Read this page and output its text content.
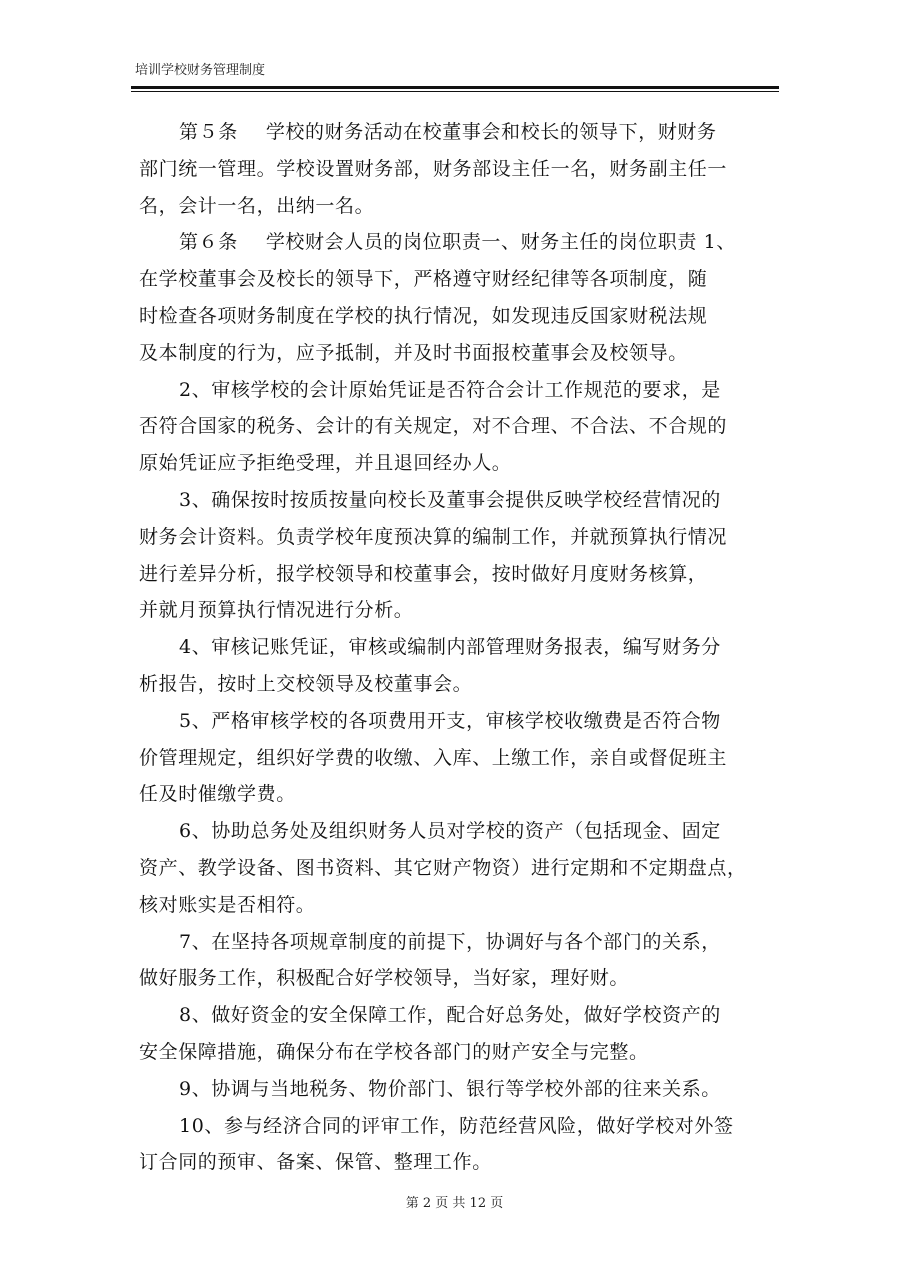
培训学校财务管理制度
第５条 学校的财务活动在校董事会和校长的领导下，财财务
部门统一管理。学校设置财务部，财务部设主任一名，财务副主任一
名，会计一名，出纳一名。
第６条 学校财会人员的岗位职责一、财务主任的岗位职责 1、
在学校董事会及校长的领导下，严格遵守财经纪律等各项制度，随
时检查各项财务制度在学校的执行情况，如发现违反国家财税法规
及本制度的行为，应予抵制，并及时书面报校董事会及校领导。
2、审核学校的会计原始凭证是否符合会计工作规范的要求，是
否符合国家的税务、会计的有关规定，对不合理、不合法、不合规的
原始凭证应予拒绝受理，并且退回经办人。
3、确保按时按质按量向校长及董事会提供反映学校经营情况的
财务会计资料。负责学校年度预决算的编制工作，并就预算执行情况
进行差异分析，报学校领导和校董事会，按时做好月度财务核算，
并就月预算执行情况进行分析。
4、审核记账凭证，审核或编制内部管理财务报表，编写财务分
析报告，按时上交校领导及校董事会。
5、严格审核学校的各项费用开支，审核学校收缴费是否符合物
价管理规定，组织好学费的收缴、入库、上缴工作，亲自或督促班主
任及时催缴学费。
6、协助总务处及组织财务人员对学校的资产（包括现金、固定
资产、教学设备、图书资料、其它财产物资）进行定期和不定期盘点，
核对账实是否相符。
7、在坚持各项规章制度的前提下，协调好与各个部门的关系，
做好服务工作，积极配合好学校领导，当好家，理好财。
8、做好资金的安全保障工作，配合好总务处，做好学校资产的
安全保障措施，确保分布在学校各部门的财产安全与完整。
9、协调与当地税务、物价部门、银行等学校外部的往来关系。
10、参与经济合同的评审工作，防范经营风险，做好学校对外签
订合同的预审、备案、保管、整理工作。
第 2 页 共 12 页
